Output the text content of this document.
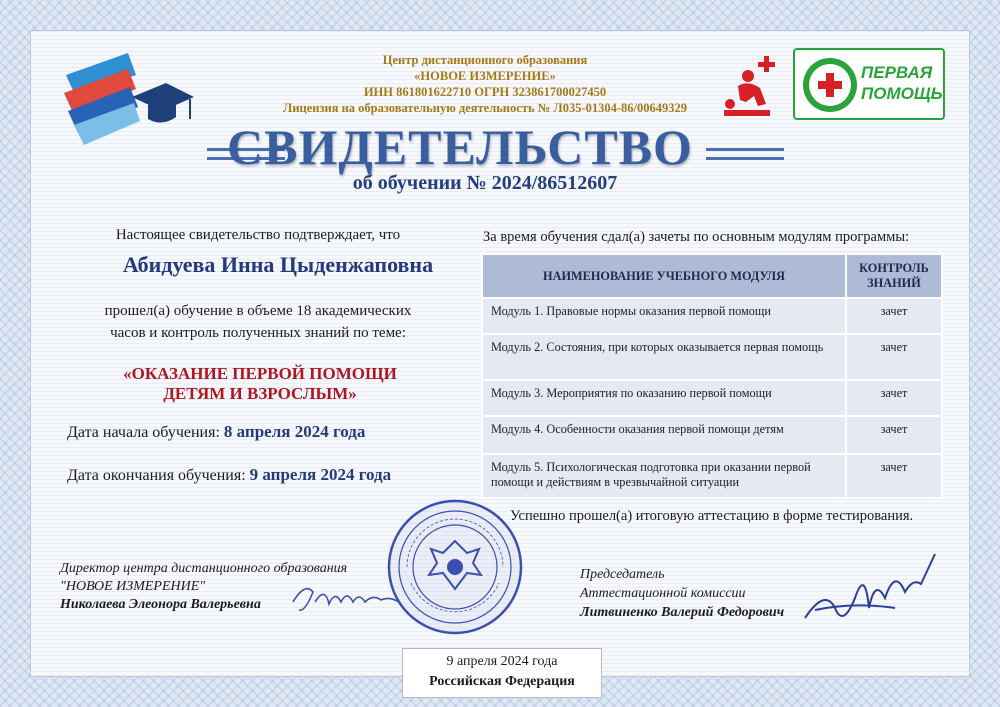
Центр дистанционного образования
«НОВОЕ ИЗМЕРЕНИЕ»
ИНН 861801622710 ОГРН 323861700027450
Лицензия на образовательную деятельность № Л035-01304-86/00649329
СВИДЕТЕЛЬСТВО
об обучении № 2024/86512607
ПЕРВАЯ
ПОМОЩЬ
Настоящее свидетельство подтверждает, что
Абидуева Инна Цыденжаповна
прошел(а) обучение в объеме 18 академических
часов и контроль полученных знаний по теме:
«ОКАЗАНИЕ ПЕРВОЙ ПОМОЩИ
ДЕТЯМ И ВЗРОСЛЫМ»
Дата начала обучения: 8 апреля 2024 года
Дата окончания обучения: 9 апреля 2024 года
За время обучения сдал(а) зачеты по основным модулям программы:
НАИМЕНОВАНИЕ УЧЕБНОГО МОДУЛЯ	КОНТРОЛЬ
ЗНАНИЙ

Модуль 1. Правовые нормы оказания первой помощи	зачет
Модуль 2. Состояния, при которых оказывается первая помощь	зачет
Модуль 3. Мероприятия по оказанию первой помощи	зачет
Модуль 4. Особенности оказания первой помощи детям	зачет
Модуль 5. Психологическая подготовка при оказании первой помощи и действиям в чрезвычайной ситуации	зачет
Успешно прошел(а) итоговую аттестацию в форме тестирования.
Директор центра дистанционного образования
"НОВОЕ ИЗМЕРЕНИЕ"
Николаева Элеонора Валерьевна
Председатель
Аттестационной комиссии
Литвиненко Валерий Федорович
9 апреля 2024 года
Российская Федерация
